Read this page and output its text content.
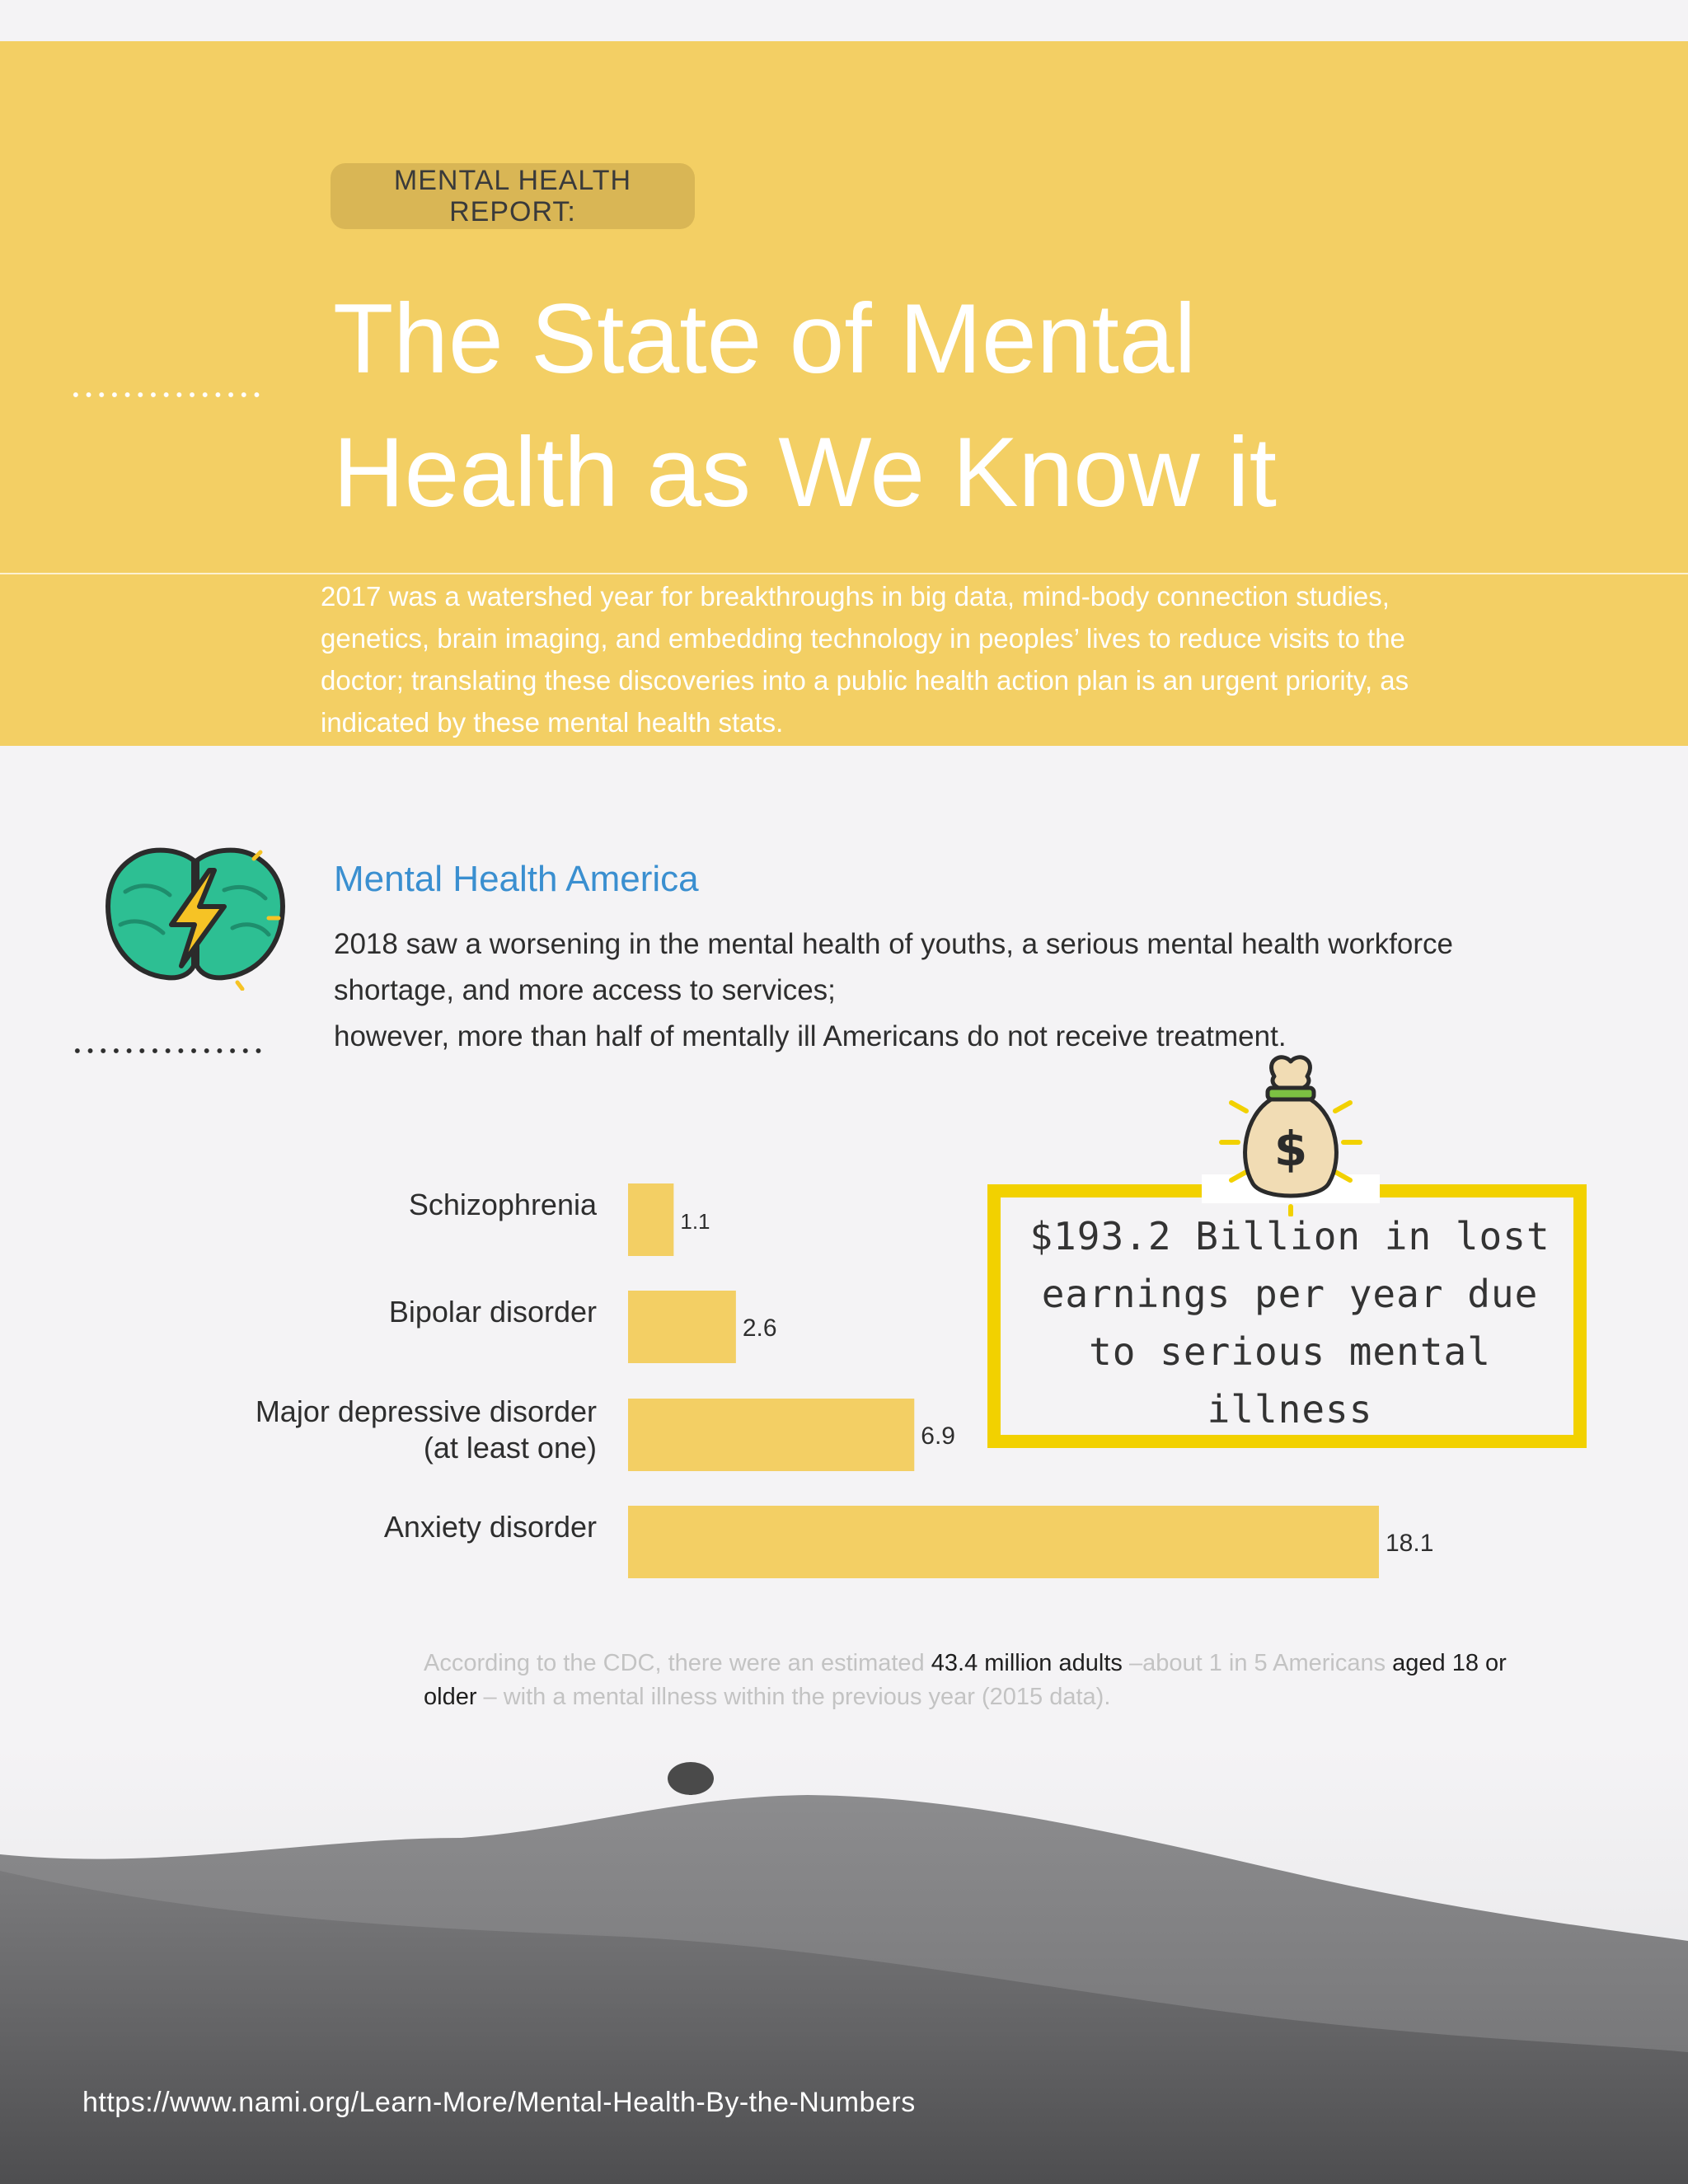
MENTAL HEALTH REPORT:
The State of Mental
Health as We Know it

2017 was a watershed year for breakthroughs in big data, mind-body connection studies, genetics, brain imaging, and embedding technology in peoples’ lives to reduce visits to the doctor; translating these discoveries into a public health action plan is an urgent priority, as indicated by these mental health stats.

Mental Health America

2018 saw a worsening in the mental health of youths, a serious mental health workforce shortage, and more access to services;
however, more than half of mentally ill Americans do not receive treatment.

1.1
Schizophrenia
2.6
Bipolar disorder
6.9
Major depressive disorder (at least one)
18.1
Anxiety disorder
$

$193.2 Billion in lost earnings per year due to serious mental illness

According to the CDC, there were an estimated 43.4 million adults –about 1 in 5 Americans aged 18 or older – with a mental illness within the previous year (2015 data).

https://www.nami.org/Learn-More/Mental-Health-By-the-Numbers
